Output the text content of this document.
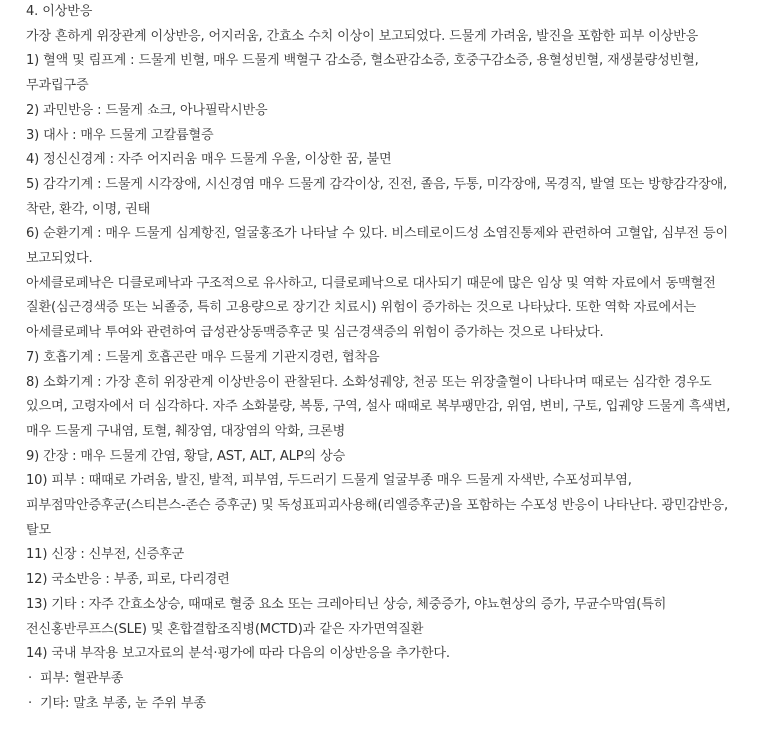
4. 이상반응

가장 흔하게 위장관계 이상반응, 어지러움, 간효소 수치 이상이 보고되었다. 드물게 가려움, 발진을 포함한 피부 이상반응

1) 혈액 및 림프계 : 드물게 빈혈, 매우 드물게 백혈구 감소증, 혈소판감소증, 호중구감소증, 용혈성빈혈, 재생불량성빈혈, 무과립구증

2) 과민반응 : 드물게 쇼크, 아나필락시반응

3) 대사 : 매우 드물게 고칼륨혈증

4) 정신신경계 : 자주 어지러움 매우 드물게 우울, 이상한 꿈, 불면

5) 감각기계 : 드물게 시각장애, 시신경염 매우 드물게 감각이상, 진전, 졸음, 두통, 미각장애, 목경직, 발열 또는 방향감각장애, 착란, 환각, 이명, 권태

6) 순환기계 : 매우 드물게 심계항진, 얼굴홍조가 나타날 수 있다. 비스테로이드성 소염진통제와 관련하여 고혈압, 심부전 등이 보고되었다.

아세클로페낙은 디클로페낙과 구조적으로 유사하고, 디클로페낙으로 대사되기 때문에 많은 임상 및 역학 자료에서 동맥혈전 질환(심근경색증 또는 뇌졸중, 특히 고용량으로 장기간 치료시) 위험이 증가하는 것으로 나타났다. 또한 역학 자료에서는 아세클로페낙 투여와 관련하여 급성관상동맥증후군 및 심근경색증의 위험이 증가하는 것으로 나타났다.

7) 호흡기계 : 드물게 호흡곤란 매우 드물게 기관지경련, 협착음

8) 소화기계 : 가장 흔히 위장관계 이상반응이 관찰된다. 소화성궤양, 천공 또는 위장출혈이 나타나며 때로는 심각한 경우도 있으며, 고령자에서 더 심각하다. 자주 소화불량, 복통, 구역, 설사 때때로 복부팽만감, 위염, 변비, 구토, 입궤양 드물게 흑색변, 매우 드물게 구내염, 토혈, 췌장염, 대장염의 악화, 크론병

9) 간장 : 매우 드물게 간염, 황달, AST, ALT, ALP의 상승

10) 피부 : 때때로 가려움, 발진, 발적, 피부염, 두드러기 드물게 얼굴부종 매우 드물게 자색반, 수포성피부염, 피부점막안증후군(스티븐스-존슨 증후군) 및 독성표피괴사용해(리엘증후군)을 포함하는 수포성 반응이 나타난다. 광민감반응, 탈모

11) 신장 : 신부전, 신증후군

12) 국소반응 : 부종, 피로, 다리경련

13) 기타 : 자주 간효소상승, 때때로 혈중 요소 또는 크레아티닌 상승, 체중증가, 야뇨현상의 증가, 무균수막염(특히 전신홍반루프스(SLE) 및 혼합결합조직병(MCTD)과 같은 자가면역질환

14) 국내 부작용 보고자료의 분석·평가에 따라 다음의 이상반응을 추가한다.

· 피부: 혈관부종

· 기타: 말초 부종, 눈 주위 부종
